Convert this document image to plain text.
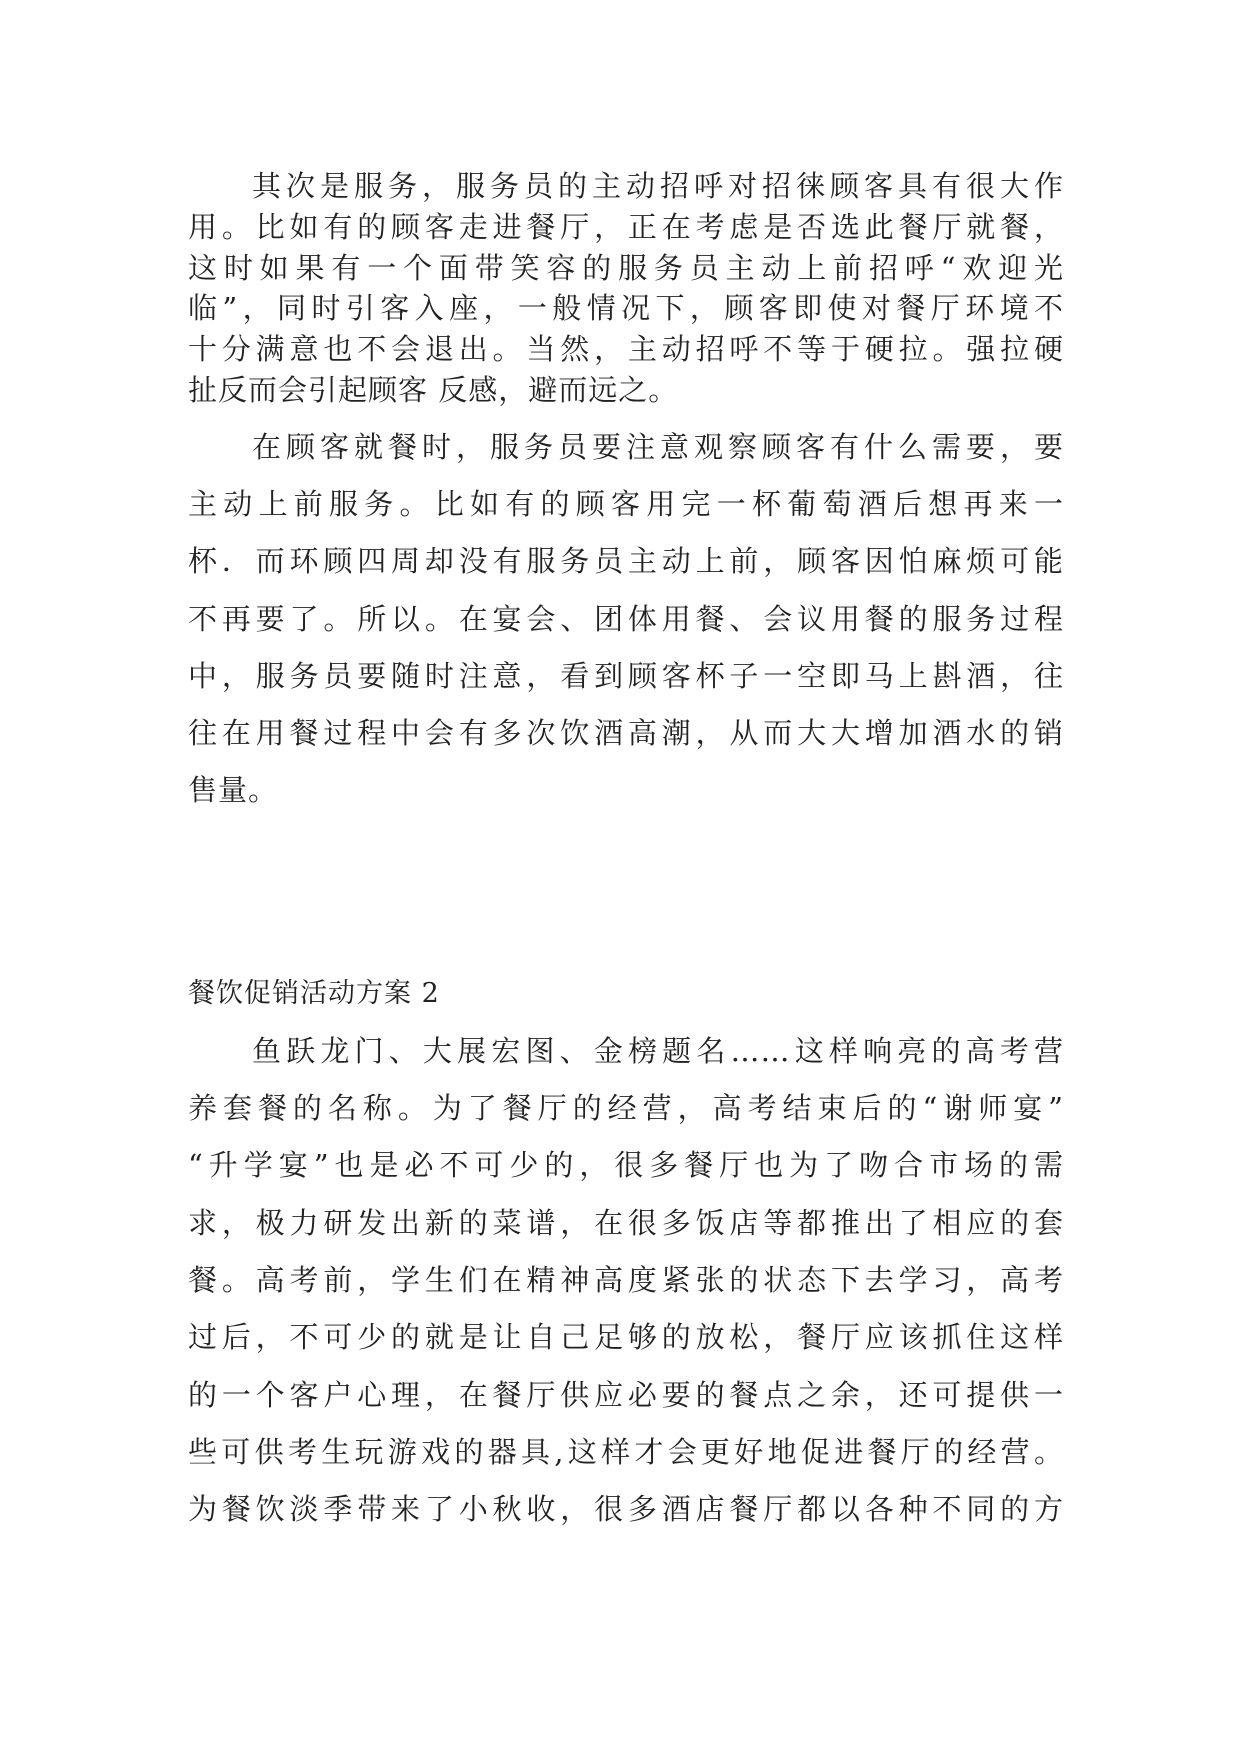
其次是服务，服务员的主动招呼对招徕顾客具有很大作
用。比如有的顾客走进餐厅，正在考虑是否选此餐厅就餐，
这时如果有一个面带笑容的服务员主动上前招呼“欢迎光
临”，同时引客入座，一般情况下，顾客即使对餐厅环境不
十分满意也不会退出。当然，主动招呼不等于硬拉。强拉硬
扯反而会引起顾客 反感，避而远之。
在顾客就餐时，服务员要注意观察顾客有什么需要，要
主动上前服务。比如有的顾客用完一杯葡萄酒后想再来一
杯．而环顾四周却没有服务员主动上前，顾客因怕麻烦可能
不再要了。所以。在宴会、团体用餐、会议用餐的服务过程
中，服务员要随时注意，看到顾客杯子一空即马上斟酒，往
往在用餐过程中会有多次饮酒高潮，从而大大增加酒水的销
售量。
餐饮促销活动方案 2
鱼跃龙门、大展宏图、金榜题名……这样响亮的高考营
养套餐的名称。为了餐厅的经营，高考结束后的“谢师宴”
“升学宴”也是必不可少的，很多餐厅也为了吻合市场的需
求，极力研发出新的菜谱，在很多饭店等都推出了相应的套
餐。高考前，学生们在精神高度紧张的状态下去学习，高考
过后，不可少的就是让自己足够的放松，餐厅应该抓住这样
的一个客户心理，在餐厅供应必要的餐点之余，还可提供一
些可供考生玩游戏的器具,这样才会更好地促进餐厅的经营。
为餐饮淡季带来了小秋收，很多酒店餐厅都以各种不同的方
